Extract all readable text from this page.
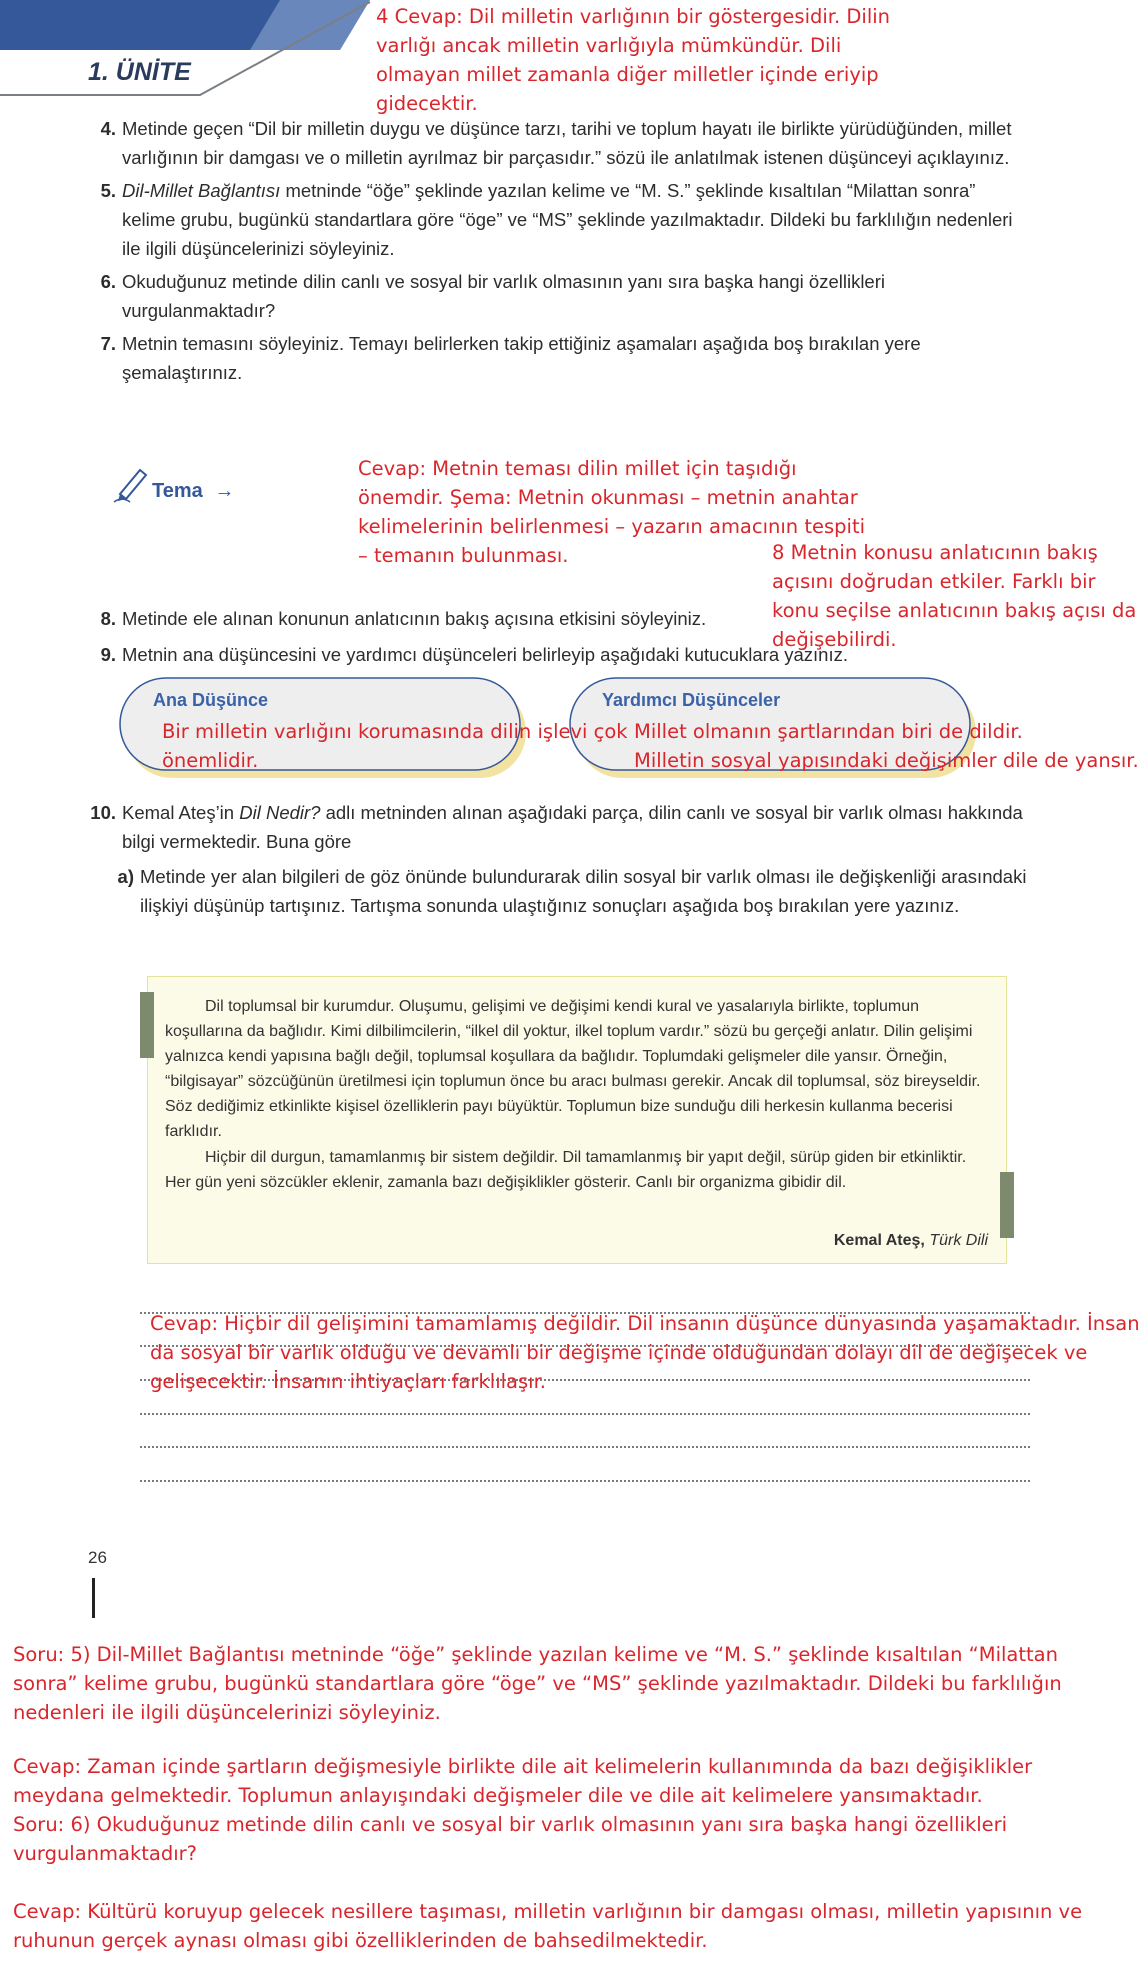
1. ÜNİTE
4 Cevap: Dil milletin varlığının bir göstergesidir. Dilin varlığı ancak milletin varlığıyla mümkündür. Dili olmayan millet zamanla diğer milletler içinde eriyip gidecektir.
4. Metinde geçen “Dil bir milletin duygu ve düşünce tarzı, tarihi ve toplum hayatı ile birlikte yürüdüğünden, millet varlığının bir damgası ve o milletin ayrılmaz bir parçasıdır.” sözü ile anlatılmak istenen düşünceyi açıklayınız.
5. Dil-Millet Bağlantısı metninde “öğe” şeklinde yazılan kelime ve “M. S.” şeklinde kısaltılan “Milattan sonra” kelime grubu, bugünkü standartlara göre “öge” ve “MS” şeklinde yazılmaktadır. Dildeki bu farklılığın nedenleri ile ilgili düşüncelerinizi söyleyiniz.
6. Okuduğunuz metinde dilin canlı ve sosyal bir varlık olmasının yanı sıra başka hangi özellikleri vurgulanmaktadır?
7. Metnin temasını söyleyiniz. Temayı belirlerken takip ettiğiniz aşamaları aşağıda boş bırakılan yere şemalaştırınız.
Tema →
Cevap: Metnin teması dilin millet için taşıdığı önemdir. Şema: Metnin okunması – metnin anahtar kelimelerinin belirlenmesi – yazarın amacının tespiti – temanın bulunması.	8 Metnin konusu anlatıcının bakış açısını doğrudan etkiler. Farklı bir konu seçilse anlatıcının bakış açısı da değişebilirdi.
8. Metinde ele alınan konunun anlatıcının bakış açısına etkisini söyleyiniz.
9. Metnin ana düşüncesini ve yardımcı düşünceleri belirleyip aşağıdaki kutucuklara yazınız.
Ana Düşünce	Yardımcı Düşünceler
Bir milletin varlığını korumasında dilin işlevi çok önemlidir.
Millet olmanın şartlarından biri de dildir.
Milletin sosyal yapısındaki değişimler dile de yansır.
10. Kemal Ateş’in Dil Nedir? adlı metninden alınan aşağıdaki parça, dilin canlı ve sosyal bir varlık olması hakkında bilgi vermektedir. Buna göre
a) Metinde yer alan bilgileri de göz önünde bulundurarak dilin sosyal bir varlık olması ile değişkenliği arasındaki ilişkiyi düşünüp tartışınız. Tartışma sonunda ulaştığınız sonuçları aşağıda boş bırakılan yere yazınız.
Dil toplumsal bir kurumdur. Oluşumu, gelişimi ve değişimi kendi kural ve yasalarıyla birlikte, toplumun koşullarına da bağlıdır. Kimi dilbilimcilerin, “ilkel dil yoktur, ilkel toplum vardır.” sözü bu gerçeği anlatır. Dilin gelişimi yalnızca kendi yapısına bağlı değil, toplumsal koşullara da bağlıdır. Toplumdaki gelişmeler dile yansır. Örneğin, “bilgisayar” sözcüğünün üretilmesi için toplumun önce bu aracı bulması gerekir. Ancak dil toplumsal, söz bireyseldir. Söz dediğimiz etkinlikte kişisel özelliklerin payı büyüktür. Toplumun bize sunduğu dili herkesin kullanma becerisi farklıdır.
Hiçbir dil durgun, tamamlanmış bir sistem değildir. Dil tamamlanmış bir yapıt değil, sürüp giden bir etkinliktir. Her gün yeni sözcükler eklenir, zamanla bazı değişiklikler gösterir. Canlı bir organizma gibidir dil.
Kemal Ateş, Türk Dili
Cevap: Hiçbir dil gelişimini tamamlamış değildir. Dil insanın düşünce dünyasında yaşamaktadır. İnsan da sosyal bir varlık olduğu ve devamlı bir değişme içinde olduğundan dolayı dil de değişecek ve gelişecektir. İnsanın ihtiyaçları farklılaşır.
26
Soru: 5) Dil-Millet Bağlantısı metninde “öğe” şeklinde yazılan kelime ve “M. S.” şeklinde kısaltılan “Milattan sonra” kelime grubu, bugünkü standartlara göre “öge” ve “MS” şeklinde yazılmaktadır. Dildeki bu farklılığın nedenleri ile ilgili düşüncelerinizi söyleyiniz.
Cevap: Zaman içinde şartların değişmesiyle birlikte dile ait kelimelerin kullanımında da bazı değişiklikler meydana gelmektedir. Toplumun anlayışındaki değişmeler dile ve dile ait kelimelere yansımaktadır.
Soru: 6) Okuduğunuz metinde dilin canlı ve sosyal bir varlık olmasının yanı sıra başka hangi özellikleri vurgulanmaktadır?
Cevap: Kültürü koruyup gelecek nesillere taşıması, milletin varlığının bir damgası olması, milletin yapısının ve ruhunun gerçek aynası olması gibi özelliklerinden de bahsedilmektedir.
